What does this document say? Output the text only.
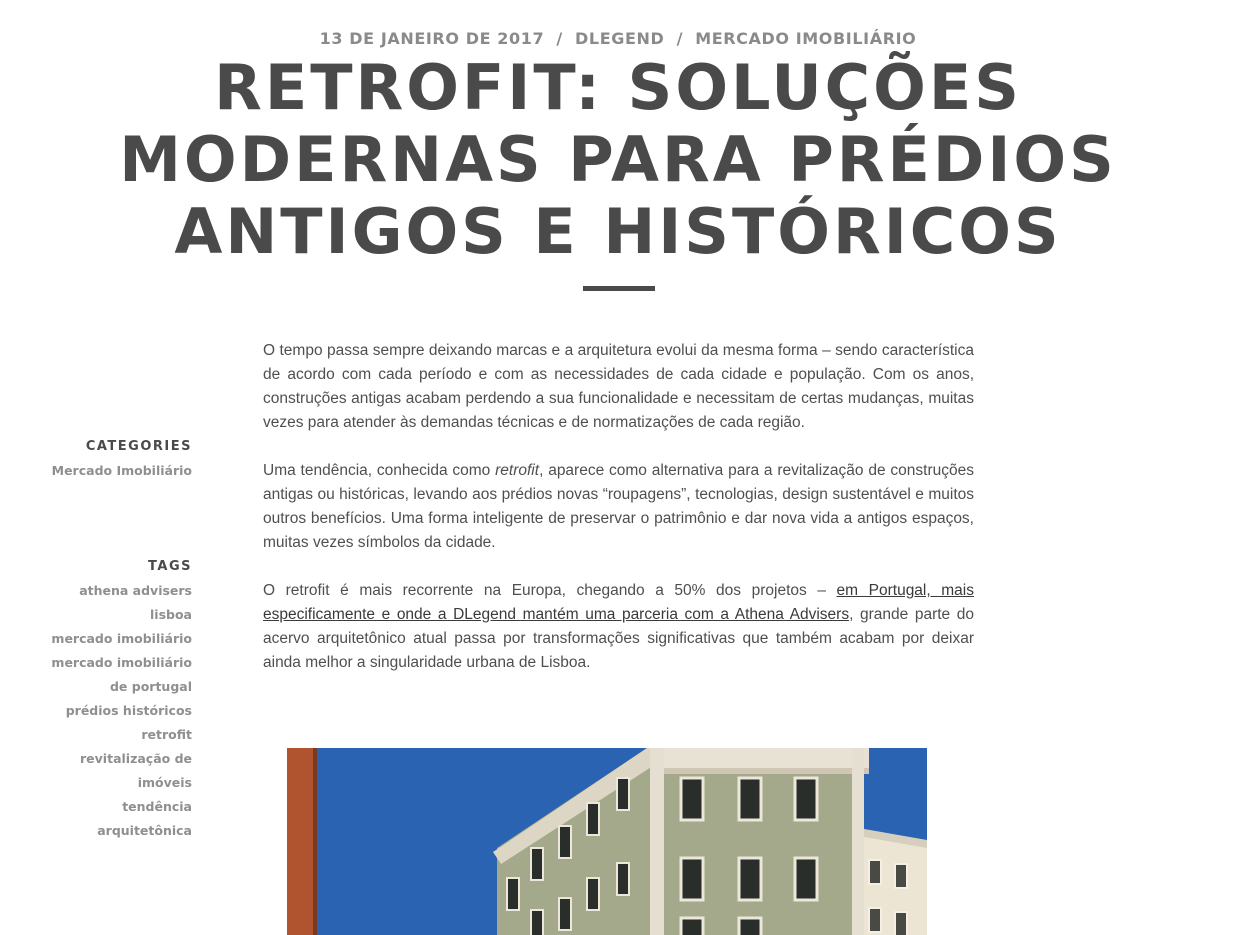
13 DE JANEIRO DE 2017 / DLEGEND / MERCADO IMOBILIÁRIO
RETROFIT: SOLUÇÕES
MODERNAS PARA PRÉDIOS
ANTIGOS E HISTÓRICOS
CATEGORIES
Mercado Imobiliário
TAGS
athena advisers
lisboa
mercado imobiliário
mercado imobiliário
de portugal
prédios históricos
retrofit
revitalização de
imóveis
tendência
arquitetônica

O tempo passa sempre deixando marcas e a arquitetura evolui da mesma forma – sendo característica de acordo com cada período e com as necessidades de cada cidade e população. Com os anos, construções antigas acabam perdendo a sua funcionalidade e necessitam de certas mudanças, muitas vezes para atender às demandas técnicas e de normatizações de cada região.

Uma tendência, conhecida como retrofit, aparece como alternativa para a revitalização de construções antigas ou históricas, levando aos prédios novas “roupagens”, tecnologias, design sustentável e muitos outros benefícios. Uma forma inteligente de preservar o patrimônio e dar nova vida a antigos espaços, muitas vezes símbolos da cidade.

O retrofit é mais recorrente na Europa, chegando a 50% dos projetos – em Portugal, mais especificamente e onde a DLegend mantém uma parceria com a Athena Advisers, grande parte do acervo arquitetônico atual passa por transformações significativas que também acabam por deixar ainda melhor a singularidade urbana de Lisboa.
